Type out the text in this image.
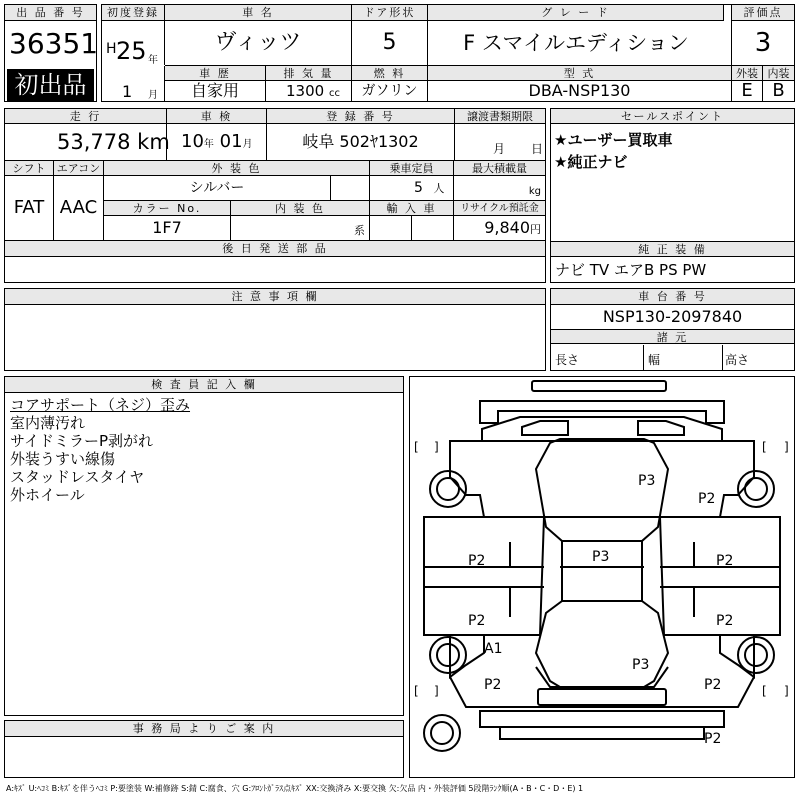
出 品 番 号
36351
初出品
初度登録	車 名	ドア形状	グ レ ー ド	評価点
H 25 年
ヴィッツ	5	F スマイルエディション	3
車 歴	排 気 量	燃 料	型 式	外装 内装
1 月	自家用	1300 cc	ガソリン	DBA-NSP130	E	B
走 行	車 検	登 録 番 号	譲渡書類期限
53,778 km 10年 01月	岐阜 502ﾔ1302	月 日
シフト	エアコン
FAT AAC
外 装 色	乗車定員	最大積載量
シルバー	5 人	kg
カラー No.	内 装 色	輸 入 車	リサイクル預託金
1F7	系	9,840円
後 日 発 送 部 品
セールスポイント
★ユーザー買取車
★純正ナビ
純 正 装 備
ナビ TV エアB PS PW
注 意 事 項 欄	車 台 番 号
NSP130-2097840
諸 元
長さ	幅	高さ
検 査 員 記 入 欄
コアサポート（ネジ）歪み
室内薄汚れ
サイドミラーP剥がれ
外装うすい線傷
スタッドレスタイヤ
外ホイール
事 務 局 よ り ご 案 内
[ ]	[ ]
[ ]	[ ]
P3
P2
P2	P3	P2
P2	P2
A1
P3
P2	P2
P2
A:ｷｽﾞ U:ﾍｺﾐ B:ｷｽﾞを伴うﾍｺﾐ P:要塗装 W:補修跡 S:錆 C:腐食、穴 G:ﾌﾛﾝﾄｶﾞﾗｽ点ｷｽﾞ XX:交換済み X:要交換 欠:欠品 内・外装評価 5段階ﾗﾝｸ順(A・B・C・D・E) 1
